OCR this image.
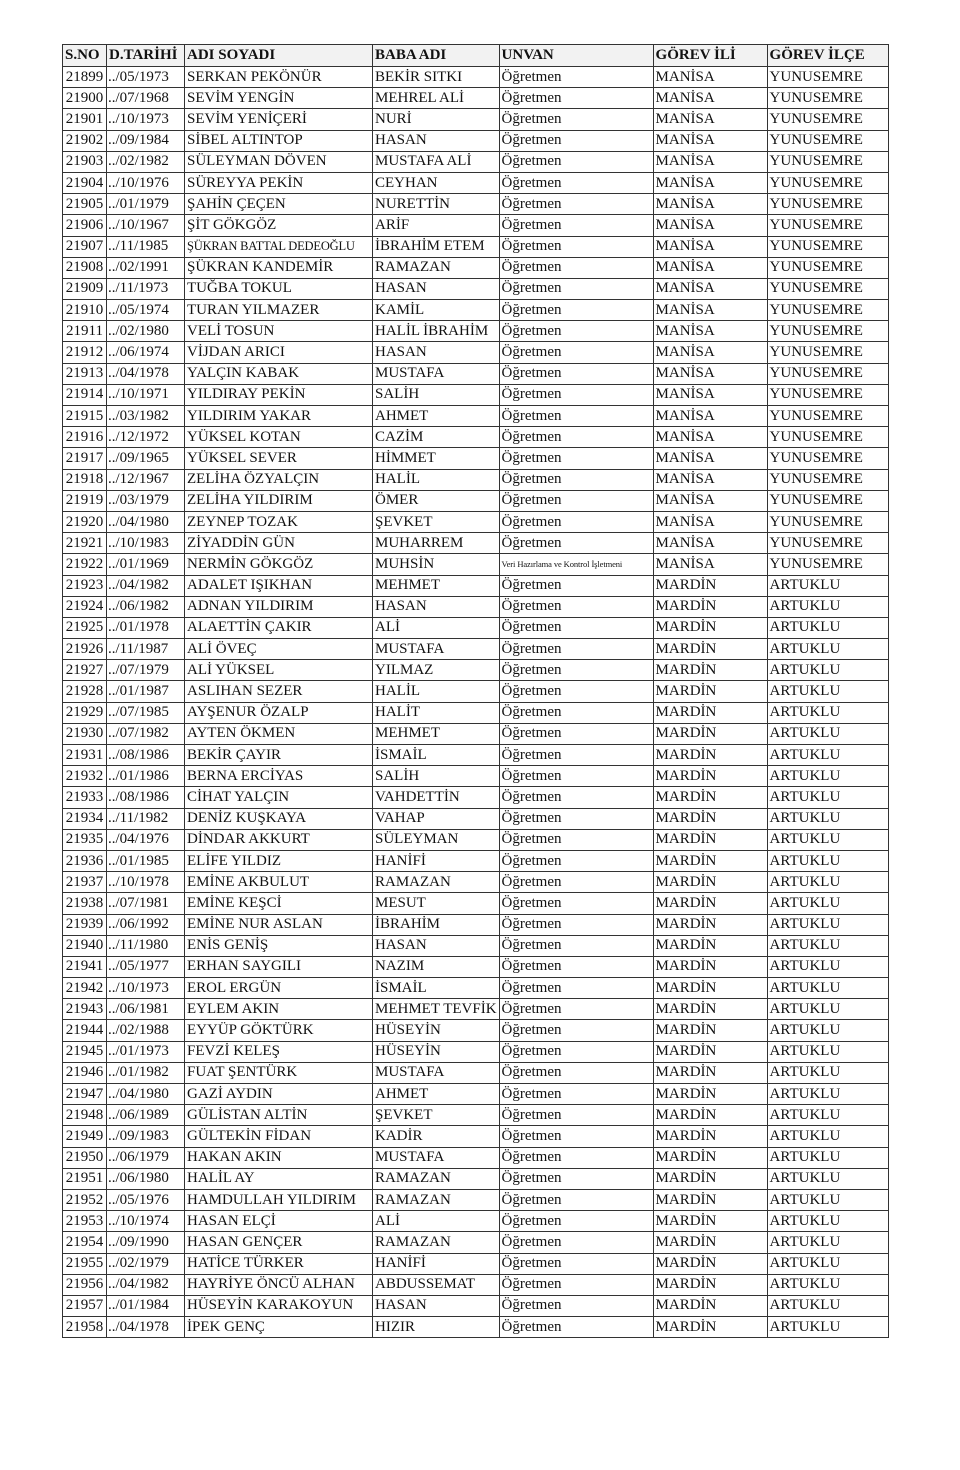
S.NO	D.TARİHİ	ADI SOYADI	BABA ADI	UNVAN	GÖREV İLİ	GÖREV İLÇE
21899	../05/1973	SERKAN PEKÖNÜR	BEKİR SITKI	Öğretmen	MANİSA	YUNUSEMRE
21900	../07/1968	SEVİM YENGİN	MEHREL ALİ	Öğretmen	MANİSA	YUNUSEMRE
21901	../10/1973	SEVİM YENİÇERİ	NURİ	Öğretmen	MANİSA	YUNUSEMRE
21902	../09/1984	SİBEL ALTINTOP	HASAN	Öğretmen	MANİSA	YUNUSEMRE
21903	../02/1982	SÜLEYMAN DÖVEN	MUSTAFA ALİ	Öğretmen	MANİSA	YUNUSEMRE
21904	../10/1976	SÜREYYA PEKİN	CEYHAN	Öğretmen	MANİSA	YUNUSEMRE
21905	../01/1979	ŞAHİN ÇEÇEN	NURETTİN	Öğretmen	MANİSA	YUNUSEMRE
21906	../10/1967	ŞİT GÖKGÖZ	ARİF	Öğretmen	MANİSA	YUNUSEMRE
21907	../11/1985	ŞÜKRAN BATTAL DEDEOĞLU	İBRAHİM ETEM	Öğretmen	MANİSA	YUNUSEMRE
21908	../02/1991	ŞÜKRAN KANDEMİR	RAMAZAN	Öğretmen	MANİSA	YUNUSEMRE
21909	../11/1973	TUĞBA TOKUL	HASAN	Öğretmen	MANİSA	YUNUSEMRE
21910	../05/1974	TURAN YILMAZER	KAMİL	Öğretmen	MANİSA	YUNUSEMRE
21911	../02/1980	VELİ TOSUN	HALİL İBRAHİM	Öğretmen	MANİSA	YUNUSEMRE
21912	../06/1974	VİJDAN ARICI	HASAN	Öğretmen	MANİSA	YUNUSEMRE
21913	../04/1978	YALÇIN KABAK	MUSTAFA	Öğretmen	MANİSA	YUNUSEMRE
21914	../10/1971	YILDIRAY PEKİN	SALİH	Öğretmen	MANİSA	YUNUSEMRE
21915	../03/1982	YILDIRIM YAKAR	AHMET	Öğretmen	MANİSA	YUNUSEMRE
21916	../12/1972	YÜKSEL KOTAN	CAZİM	Öğretmen	MANİSA	YUNUSEMRE
21917	../09/1965	YÜKSEL SEVER	HİMMET	Öğretmen	MANİSA	YUNUSEMRE
21918	../12/1967	ZELİHA ÖZYALÇIN	HALİL	Öğretmen	MANİSA	YUNUSEMRE
21919	../03/1979	ZELİHA YILDIRIM	ÖMER	Öğretmen	MANİSA	YUNUSEMRE
21920	../04/1980	ZEYNEP TOZAK	ŞEVKET	Öğretmen	MANİSA	YUNUSEMRE
21921	../10/1983	ZİYADDİN GÜN	MUHARREM	Öğretmen	MANİSA	YUNUSEMRE
21922	../01/1969	NERMİN GÖKGÖZ	MUHSİN	Veri Hazırlama ve Kontrol İşletmeni	MANİSA	YUNUSEMRE
21923	../04/1982	ADALET IŞIKHAN	MEHMET	Öğretmen	MARDİN	ARTUKLU
21924	../06/1982	ADNAN YILDIRIM	HASAN	Öğretmen	MARDİN	ARTUKLU
21925	../01/1978	ALAETTİN ÇAKIR	ALİ	Öğretmen	MARDİN	ARTUKLU
21926	../11/1987	ALİ ÖVEÇ	MUSTAFA	Öğretmen	MARDİN	ARTUKLU
21927	../07/1979	ALİ YÜKSEL	YILMAZ	Öğretmen	MARDİN	ARTUKLU
21928	../01/1987	ASLIHAN SEZER	HALİL	Öğretmen	MARDİN	ARTUKLU
21929	../07/1985	AYŞENUR ÖZALP	HALİT	Öğretmen	MARDİN	ARTUKLU
21930	../07/1982	AYTEN ÖKMEN	MEHMET	Öğretmen	MARDİN	ARTUKLU
21931	../08/1986	BEKİR ÇAYIR	İSMAİL	Öğretmen	MARDİN	ARTUKLU
21932	../01/1986	BERNA ERCİYAS	SALİH	Öğretmen	MARDİN	ARTUKLU
21933	../08/1986	CİHAT YALÇIN	VAHDETTİN	Öğretmen	MARDİN	ARTUKLU
21934	../11/1982	DENİZ KUŞKAYA	VAHAP	Öğretmen	MARDİN	ARTUKLU
21935	../04/1976	DİNDAR AKKURT	SÜLEYMAN	Öğretmen	MARDİN	ARTUKLU
21936	../01/1985	ELİFE YILDIZ	HANİFİ	Öğretmen	MARDİN	ARTUKLU
21937	../10/1978	EMİNE AKBULUT	RAMAZAN	Öğretmen	MARDİN	ARTUKLU
21938	../07/1981	EMİNE KEŞCİ	MESUT	Öğretmen	MARDİN	ARTUKLU
21939	../06/1992	EMİNE NUR ASLAN	İBRAHİM	Öğretmen	MARDİN	ARTUKLU
21940	../11/1980	ENİS GENİŞ	HASAN	Öğretmen	MARDİN	ARTUKLU
21941	../05/1977	ERHAN SAYGILI	NAZIM	Öğretmen	MARDİN	ARTUKLU
21942	../10/1973	EROL ERGÜN	İSMAİL	Öğretmen	MARDİN	ARTUKLU
21943	../06/1981	EYLEM AKIN	MEHMET TEVFİK	Öğretmen	MARDİN	ARTUKLU
21944	../02/1988	EYYÜP GÖKTÜRK	HÜSEYİN	Öğretmen	MARDİN	ARTUKLU
21945	../01/1973	FEVZİ KELEŞ	HÜSEYİN	Öğretmen	MARDİN	ARTUKLU
21946	../01/1982	FUAT ŞENTÜRK	MUSTAFA	Öğretmen	MARDİN	ARTUKLU
21947	../04/1980	GAZİ AYDIN	AHMET	Öğretmen	MARDİN	ARTUKLU
21948	../06/1989	GÜLİSTAN ALTİN	ŞEVKET	Öğretmen	MARDİN	ARTUKLU
21949	../09/1983	GÜLTEKİN FİDAN	KADİR	Öğretmen	MARDİN	ARTUKLU
21950	../06/1979	HAKAN AKIN	MUSTAFA	Öğretmen	MARDİN	ARTUKLU
21951	../06/1980	HALİL AY	RAMAZAN	Öğretmen	MARDİN	ARTUKLU
21952	../05/1976	HAMDULLAH YILDIRIM	RAMAZAN	Öğretmen	MARDİN	ARTUKLU
21953	../10/1974	HASAN ELÇİ	ALİ	Öğretmen	MARDİN	ARTUKLU
21954	../09/1990	HASAN GENÇER	RAMAZAN	Öğretmen	MARDİN	ARTUKLU
21955	../02/1979	HATİCE TÜRKER	HANİFİ	Öğretmen	MARDİN	ARTUKLU
21956	../04/1982	HAYRİYE ÖNCÜ ALHAN	ABDUSSEMAT	Öğretmen	MARDİN	ARTUKLU
21957	../01/1984	HÜSEYİN KARAKOYUN	HASAN	Öğretmen	MARDİN	ARTUKLU
21958	../04/1978	İPEK GENÇ	HIZIR	Öğretmen	MARDİN	ARTUKLU
